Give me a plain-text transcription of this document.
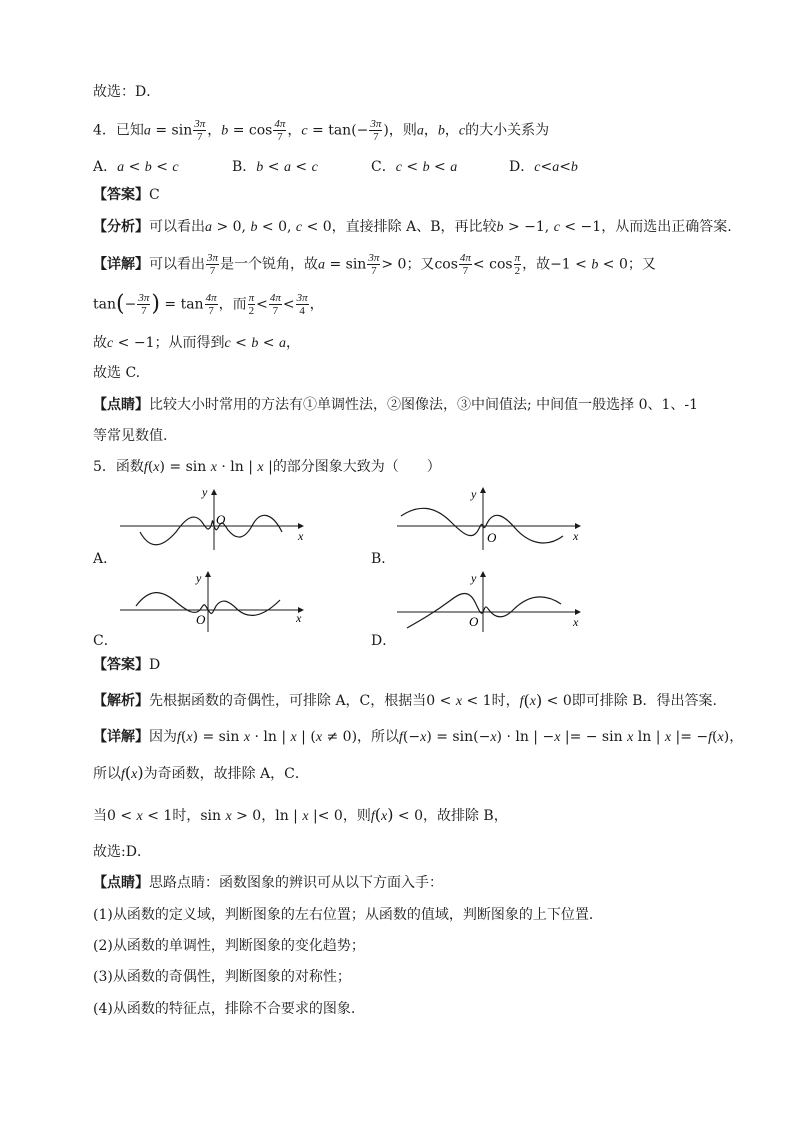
故选：D．
4．已知$a = \sin \frac{3\pi}{7}$ ，$b = \cos \frac{4\pi}{7}$ ，$c = \tan(- \frac{3\pi}{7}$ )，则a，b，c的大小关系为
A．a < b < c	B．b < a < c	C．c < b < a	D．c<a<b
【答案】C
【分析】可以看出a > 0, b < 0, c < 0，直接排除 A、B，再比较b > −1, c < −1，从而选出正确答案.
【详解】可以看出 $\frac{3\pi}{7}$ 是一个锐角，故$a = \sin \frac{3\pi}{7} > 0$；又$\cos \frac{4\pi}{7} < \cos \frac{\pi}{2}$ ，故−1 < b < 0；又
$\tan(- \frac{3\pi}{7}$ ) = $\tan \frac{4\pi}{7}$ ，而 $\frac{\pi}{2} < \frac{4\pi}{7} < \frac{3\pi}{4}$ ，
故c < −1；从而得到c < b < a，
故选 C.
【点睛】比较大小时常用的方法有①单调性法，②图像法，③中间值法; 中间值一般选择 0、1、-1
等常见数值.
5．函数f(x) = sin x · ln | x |的部分图象大致为（　　）
A．
x
y
O
B．
x
y
O
C．
x
y
O
D．
x
y
O
【答案】D
【解析】先根据函数的奇偶性，可排除 A，C，根据当0 < x < 1时，f(x) < 0即可排除 B．得出答案.
【详解】因为f(x) = sin x · ln | x | (x ≠ 0)，所以f(−x) = sin(−x) · ln | −x |= − sin x ln | x |= −f(x)，
所以f(x)为奇函数，故排除 A，C．
当0 < x < 1时，sin x > 0，ln | x |< 0，则f(x) < 0，故排除 B，
故选:D．
【点睛】思路点睛：函数图象的辨识可从以下方面入手：
(1)从函数的定义域，判断图象的左右位置；从函数的值域，判断图象的上下位置．
(2)从函数的单调性，判断图象的变化趋势；
(3)从函数的奇偶性，判断图象的对称性；
(4)从函数的特征点，排除不合要求的图象.
